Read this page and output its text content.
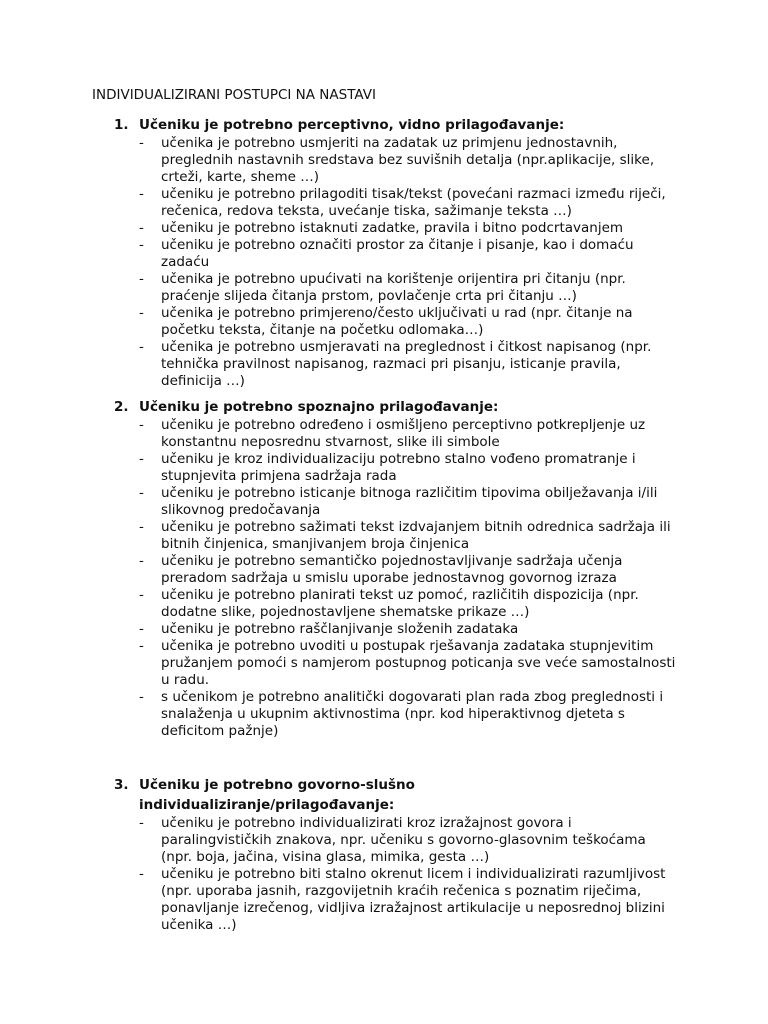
INDIVIDUALIZIRANI POSTUPCI NA NASTAVI
1. Učeniku je potrebno perceptivno, vidno prilagođavanje:
- učenika je potrebno usmjeriti na zadatak uz primjenu jednostavnih, preglednih nastavnih sredstava bez suvišnih detalja (npr.aplikacije, slike, crteži, karte, sheme …)
- učeniku je potrebno prilagoditi tisak/tekst (povećani razmaci između riječi, rečenica, redova teksta, uvećanje tiska, sažimanje teksta …)
- učeniku je potrebno istaknuti zadatke, pravila i bitno podcrtavanjem
- učeniku je potrebno označiti prostor za čitanje i pisanje, kao i domaću zadaću
- učenika je potrebno upućivati na korištenje orijentira pri čitanju (npr. praćenje slijeda čitanja prstom, povlačenje crta pri čitanju …)
- učenika je potrebno primjereno/često uključivati u rad (npr. čitanje na početku teksta, čitanje na početku odlomaka…)
- učenika je potrebno usmjeravati na preglednost i čitkost napisanog (npr. tehnička pravilnost napisanog, razmaci pri pisanju, isticanje pravila, definicija …)
2. Učeniku je potrebno spoznajno prilagođavanje:
- učeniku je potrebno određeno i osmišljeno perceptivno potkrepljenje uz konstantnu neposrednu stvarnost, slike ili simbole
- učeniku je kroz individualizaciju potrebno stalno vođeno promatranje i stupnjevita primjena sadržaja rada
- učeniku je potrebno isticanje bitnoga različitim tipovima obilježavanja i/ili slikovnog predočavanja
- učeniku je potrebno sažimati tekst izdvajanjem bitnih odrednica sadržaja ili bitnih činjenica, smanjivanjem broja činjenica
- učeniku je potrebno semantičko pojednostavljivanje sadržaja učenja preradom sadržaja u smislu uporabe jednostavnog govornog izraza
- učeniku je potrebno planirati tekst uz pomoć, različitih dispozicija (npr. dodatne slike, pojednostavljene shematske prikaze …)
- učeniku je potrebno raščlanjivanje složenih zadataka
- učenika je potrebno uvoditi u postupak rješavanja zadataka stupnjevitim pružanjem pomoći s namjerom postupnog poticanja sve veće samostalnosti u radu.
- s učenikom je potrebno analitički dogovarati plan rada zbog preglednosti i snalaženja u ukupnim aktivnostima (npr. kod hiperaktivnog djeteta s deficitom pažnje)
3. Učeniku je potrebno govorno-slušno individualiziranje/prilagođavanje:
- učeniku je potrebno individualizirati kroz izražajnost govora i paralingvističkih znakova, npr. učeniku s govorno-glasovnim teškoćama (npr. boja, jačina, visina glasa, mimika, gesta …)
- učeniku je potrebno biti stalno okrenut licem i individualizirati razumljivost (npr. uporaba jasnih, razgovijetnih kraćih rečenica s poznatim riječima, ponavljanje izrečenog, vidljiva izražajnost artikulacije u neposrednoj blizini učenika …)
